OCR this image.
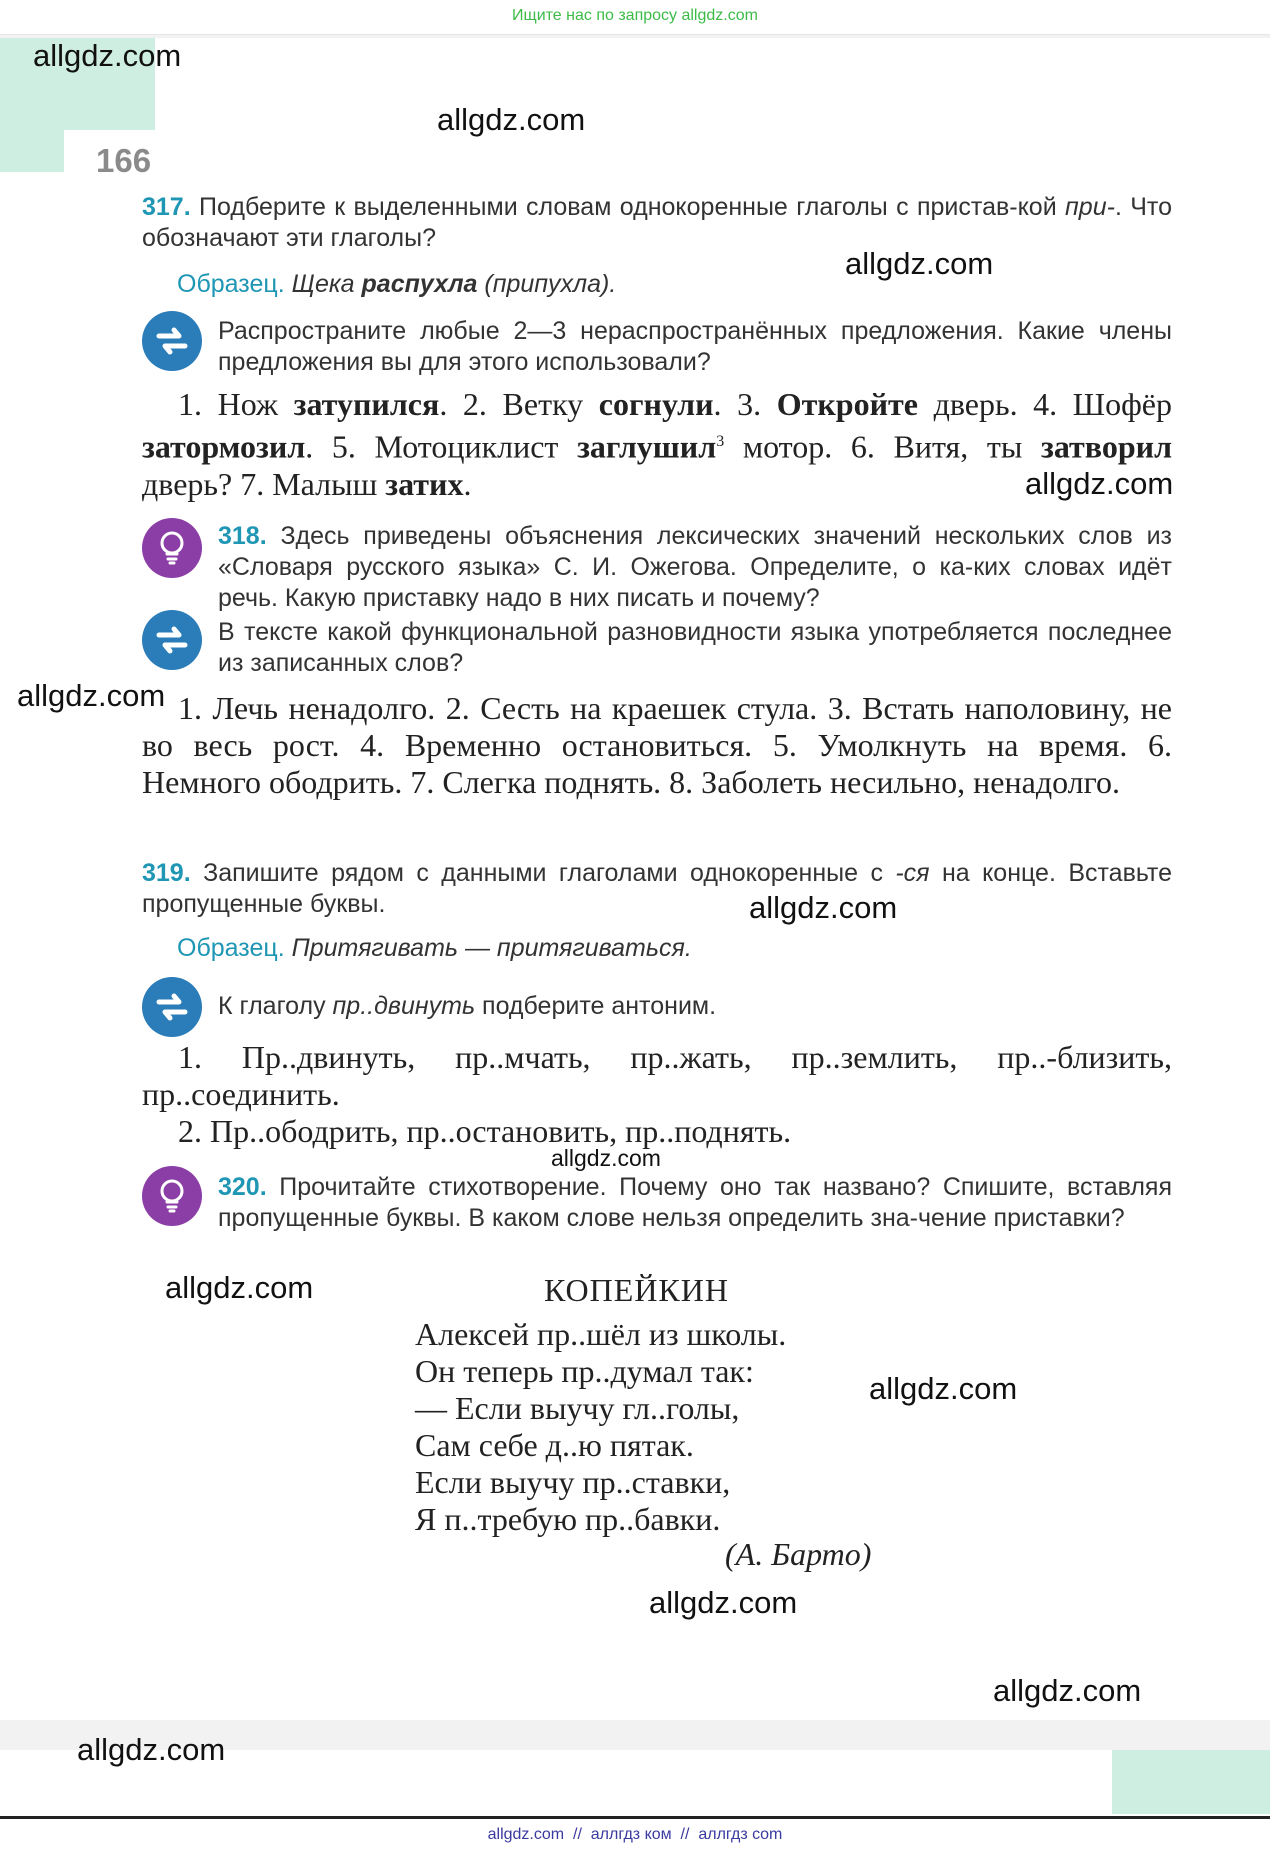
Ищите нас по запросу allgdz.com
166
317. Подберите к выделенными словам однокоренные глаголы с пристав-кой при-. Что обозначают эти глаголы?
Образец. Щека распухла (припухла).
Распространите любые 2—3 нераспространённых предложения. Какие члены предложения вы для этого использовали?
1. Нож затупился. 2. Ветку согнули. 3. Откройте дверь. 4. Шофёр затормозил. 5. Мотоциклист заглушил$^3$ мотор. 6. Витя, ты затворил дверь? 7. Малыш затих.
318. Здесь приведены объяснения лексических значений нескольких слов из «Словаря русского языка» С. И. Ожегова. Определите, о ка-ких словах идёт речь. Какую приставку надо в них писать и почему?
В тексте какой функциональной разновидности языка употребляется последнее из записанных слов?
1. Лечь ненадолго. 2. Сесть на краешек стула. 3. Встать наполовину, не во весь рост. 4. Временно остановиться. 5. Умолкнуть на время. 6. Немного ободрить. 7. Слегка поднять. 8. Заболеть несильно, ненадолго.
319. Запишите рядом с данными глаголами однокоренные с -ся на конце. Вставьте пропущенные буквы.
Образец. Притягивать — притягиваться.
К глаголу пр..двинуть подберите антоним.
1. Пр..двинуть, пр..мчать, пр..жать, пр..землить, пр..-близить, пр..соединить.
2. Пр..ободрить, пр..остановить, пр..поднять.
320. Прочитайте стихотворение. Почему оно так названо? Спишите, вставляя пропущенные буквы. В каком слове нельзя определить зна-чение приставки?
КОПЕЙКИН
Алексей пр..шёл из школы.
Он теперь пр..думал так:
— Если выучу гл..голы,
Сам себе д..ю пятак.
Если выучу пр..ставки,
Я п..требую пр..бавки.
(А. Барто)
allgdz.com
allgdz.com
allgdz.com
allgdz.com
allgdz.com
allgdz.com
allgdz.com
allgdz.com
allgdz.com
allgdz.com
allgdz.com
allgdz.com
allgdz.com  //  аллгдз ком  //  аллгдз com
